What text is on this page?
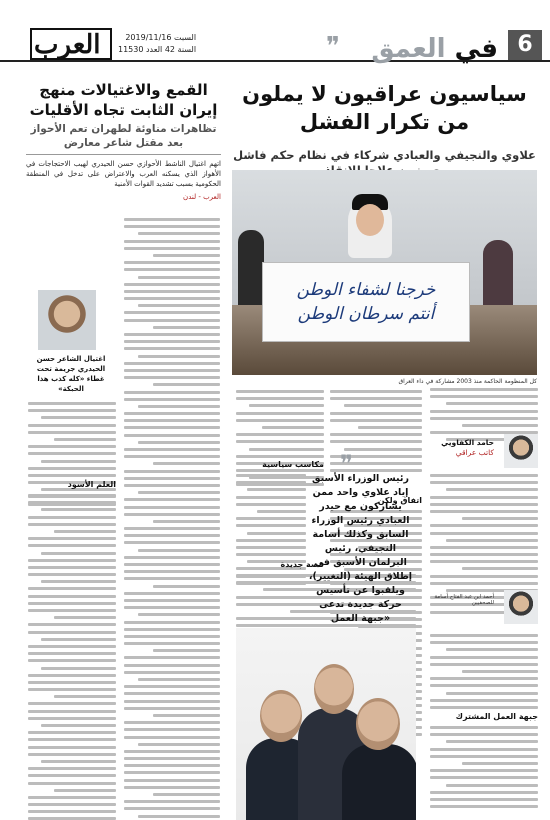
6
في العمق
❞
السبت 2019/11/16
السنة 42 العدد 11530
العرب
سياسيون عراقيون لا يملون من تكرار الفشل
علاوي والنجيفي والعبادي شركاء في نظام حكم فاشل
خرجنا لشفاء الوطن
أنتم سرطان الوطن
كل المنظومة الحاكمة منذ 2003 مشاركة في داء العراق
القمع والاغتيالات منهج إيران الثابت تجاه الأقليات
تظاهرات مناوئة لطهران تعم الأحواز بعد مقتل شاعر معارض
اتهم اغتيال الناشط الأحوازي حسن الحيدري لهيب الاحتجاجات في الأهواز الذي يسكنه العرب والاعتراض على تدخل في المنطقة الحكومية بسبب تشديد القوات الأمنية
العرب - لندن
اغتيال الشاعر حسن الحيدري جريمة تحت غطاء «كله كذب هذا الحبكة»
العلم الأسود
حامد الكفاويي
كاتب عراقي
أحمد ابن عبد الفتاح أسامة للصحفيين
جبهة العمل المشترك
اتفاق ولكن
مكاسب سياسية
قصة جديدة
❞
رئيس الوزراء الأسبق إياد علاوي واحد ممن يشاركون مع حيدر العبادي رئيس الوزراء السابق وكذلك أسامة النجيفي، رئيس البرلمان الأسبق في إطلاق الهيئة (التغيير)، ويلقبوا عن تأسيس حركة جديدة تدعى «جبهة العمل
